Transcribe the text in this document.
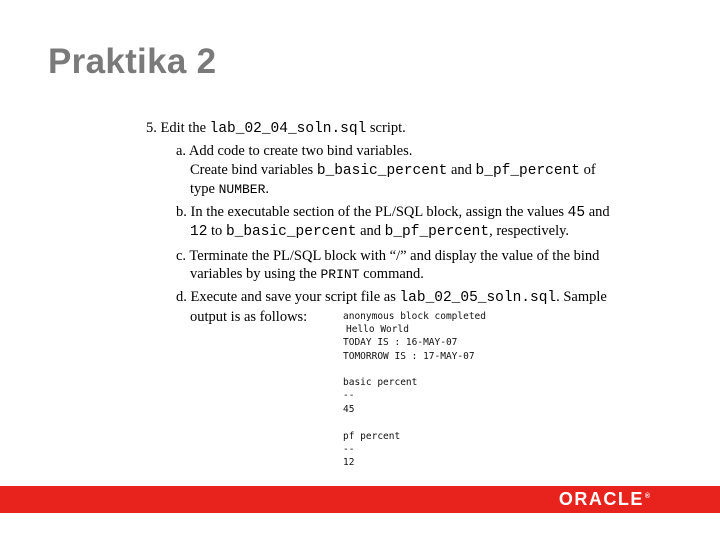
Praktika 2
5. Edit the lab_02_04_soln.sql script.
a. Add code to create two bind variables.
Create bind variables b_basic_percent and b_pf_percent of
type NUMBER.
b. In the executable section of the PL/SQL block, assign the values 45 and
12 to b_basic_percent and b_pf_percent, respectively.
c. Terminate the PL/SQL block with “/” and display the value of the bind
variables by using the PRINT command.
d. Execute and save your script file as lab_02_05_soln.sql. Sample
output is as follows:	anonymous block completed
Hello World
TODAY IS : 16-MAY-07
TOMORROW IS : 17-MAY-07
basic percent
--
45
pf percent
--
12
ORACLE®
